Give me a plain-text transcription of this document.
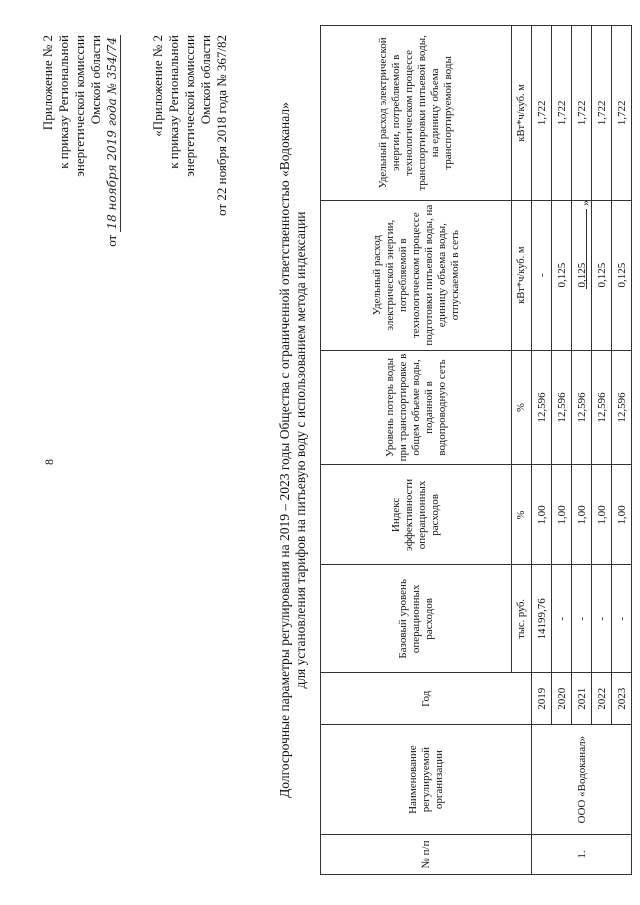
8
Приложение № 2 к приказу Региональной энергетической комиссии Омской области
от 18 ноября 2019 года № 354/74 «Приложение № 2 к приказу Региональной энергетической комиссии Омской области от 22 ноября 2018 года № 367/82	Долгосрочные параметры регулирования на 2019 – 2023 годы Общества с ограниченной ответственностью «Водоканал» для установления тарифов на питьевую воду с использованием метода индексации
№ п/п	Наименование регулируемой организации	Год	Базовый уровень операционных расходов	Индекс эффективности операционных расходов	Уровень потерь воды при транспортировке в общем объеме воды, поданной в водопроводную сеть	Удельный расход электрической энергии, потребляемой в технологическом процессе подготовки питьевой воды, на единицу объема воды, отпускаемой в сеть	Удельный расход электрической энергии, потребляемой в технологическом процессе транспортировки питьевой воды, на единицу объема транспортируемой воды
			тыс. руб.	%	%	кВт*ч/куб. м	кВт*ч/куб. м
1.	ООО «Водоканал»	2019	14199,76	1,00	12,596	-	1,722
		2020	-	1,00	12,596	0,125	1,722
		2021	-	1,00	12,596	0,125	1,722
		2022	-	1,00	12,596	0,125	1,722
		2023	-	1,00	12,596	0,125	1,722
»
